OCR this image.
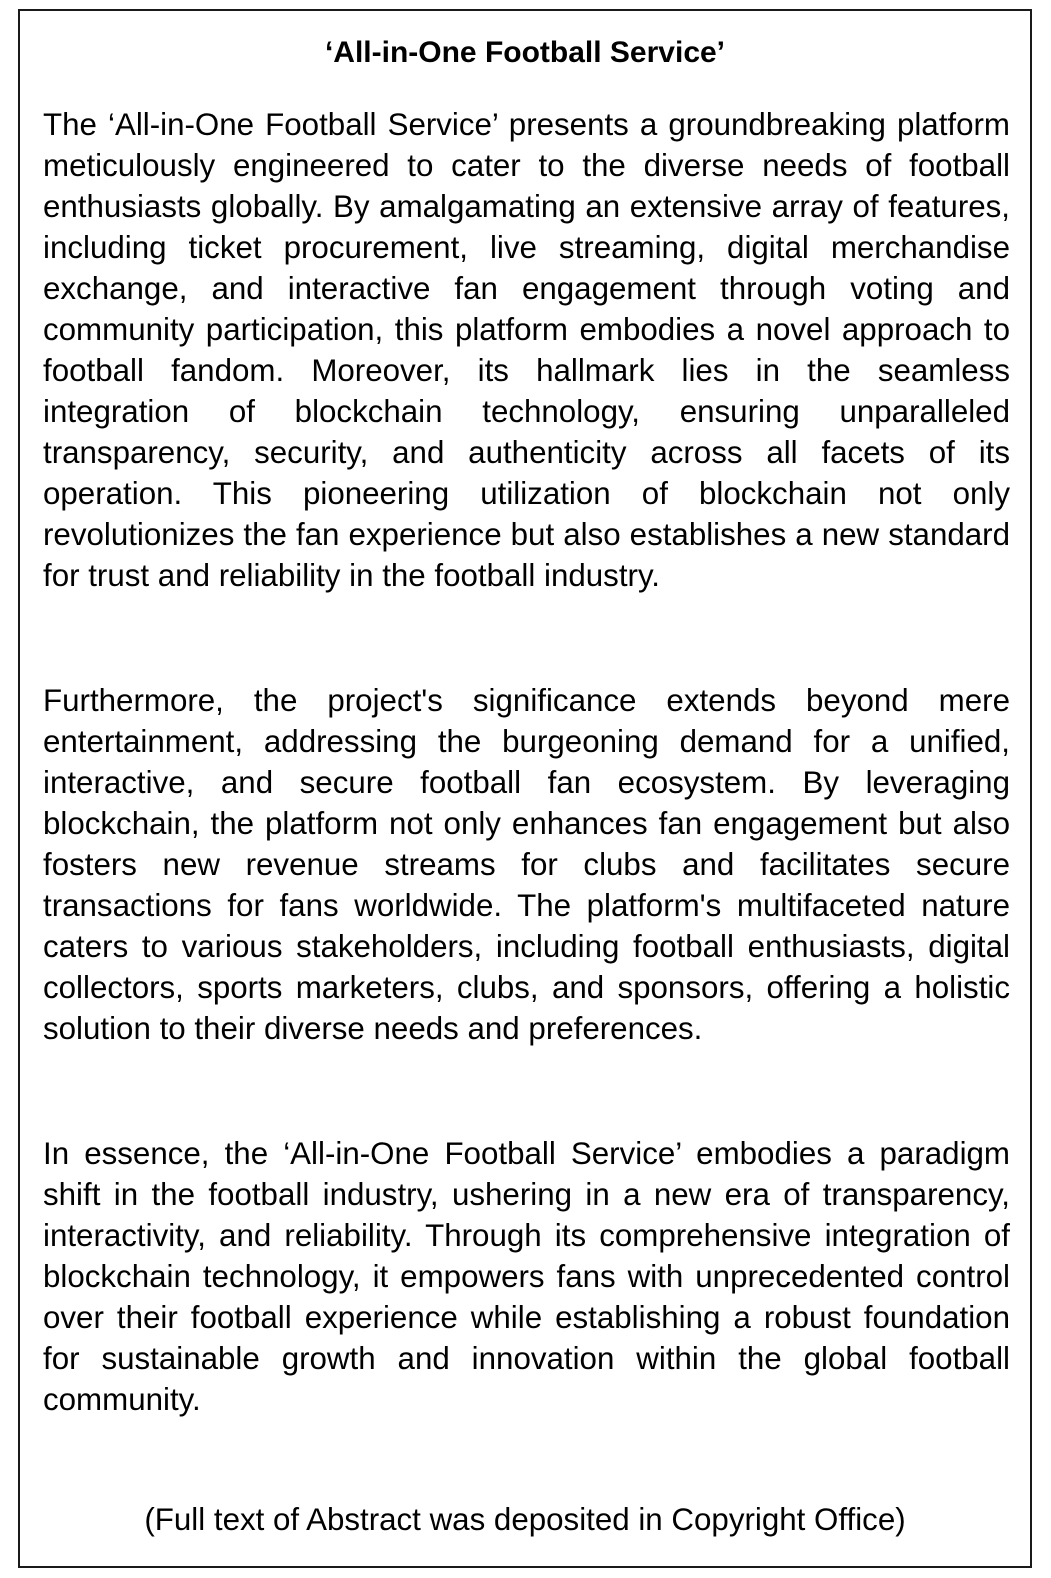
‘All-in-One Football Service’

The ‘All-in-One Football Service’ presents a groundbreaking platform meticulously engineered to cater to the diverse needs of football enthusiasts globally. By amalgamating an extensive array of features, including ticket procurement, live streaming, digital merchandise exchange, and interactive fan engagement through voting and community participation, this platform embodies a novel approach to football fandom. Moreover, its hallmark lies in the seamless integration of blockchain technology, ensuring unparalleled transparency, security, and authenticity across all facets of its operation. This pioneering utilization of blockchain not only revolutionizes the fan experience but also establishes a new standard for trust and reliability in the football industry.

Furthermore, the project's significance extends beyond mere entertainment, addressing the burgeoning demand for a unified, interactive, and secure football fan ecosystem. By leveraging blockchain, the platform not only enhances fan engagement but also fosters new revenue streams for clubs and facilitates secure transactions for fans worldwide. The platform's multifaceted nature caters to various stakeholders, including football enthusiasts, digital collectors, sports marketers, clubs, and sponsors, offering a holistic solution to their diverse needs and preferences.

In essence, the ‘All-in-One Football Service’ embodies a paradigm shift in the football industry, ushering in a new era of transparency, interactivity, and reliability. Through its comprehensive integration of blockchain technology, it empowers fans with unprecedented control over their football experience while establishing a robust foundation for sustainable growth and innovation within the global football community.

(Full text of Abstract was deposited in Copyright Office)
